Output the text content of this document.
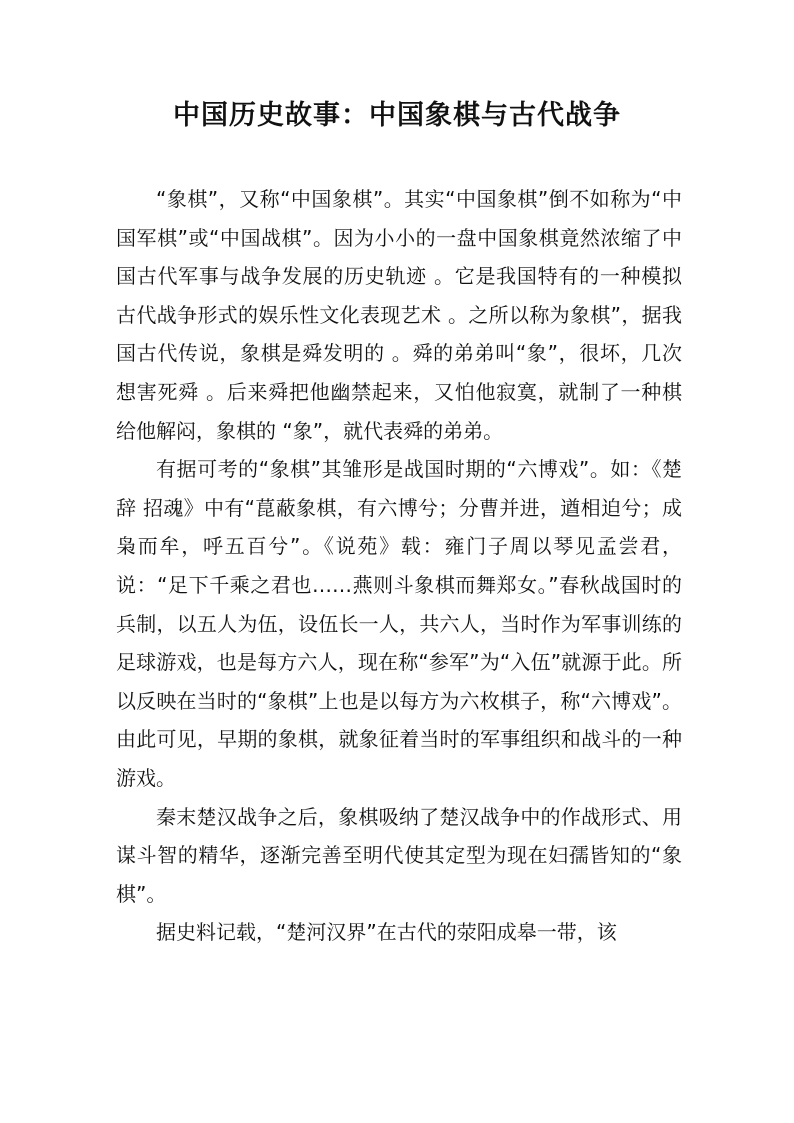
中国历史故事：中国象棋与古代战争

“象棋”，又称“中国象棋”。其实“中国象棋”倒不如称为“中国军棋”或“中国战棋”。因为小小的一盘中国象棋竟然浓缩了中国古代军事与战争发展的历史轨迹 。它是我国特有的一种模拟古代战争形式的娱乐性文化表现艺术 。之所以称为象棋”，据我国古代传说，象棋是舜发明的 。舜的弟弟叫“象”，很坏，几次想害死舜 。后来舜把他幽禁起来，又怕他寂寞，就制了一种棋给他解闷，象棋的 “象”，就代表舜的弟弟。

有据可考的“象棋”其雏形是战国时期的“六博戏”。如：《楚辞 招魂》中有“菎蔽象棋，有六博兮；分曹并进，遒相迫兮；成枭而牟，呼五百兮”。《说苑》载：雍门子周以琴见孟尝君，说：“足下千乘之君也……燕则斗象棋而舞郑女。”春秋战国时的兵制，以五人为伍，设伍长一人，共六人，当时作为军事训练的足球游戏，也是每方六人，现在称“参军”为“入伍”就源于此。所以反映在当时的“象棋”上也是以每方为六枚棋子，称“六博戏”。由此可见，早期的象棋，就象征着当时的军事组织和战斗的一种游戏。

秦末楚汉战争之后，象棋吸纳了楚汉战争中的作战形式、用谋斗智的精华，逐渐完善至明代使其定型为现在妇孺皆知的“象棋”。

据史料记载，“楚河汉界”在古代的荥阳成皋一带，该
